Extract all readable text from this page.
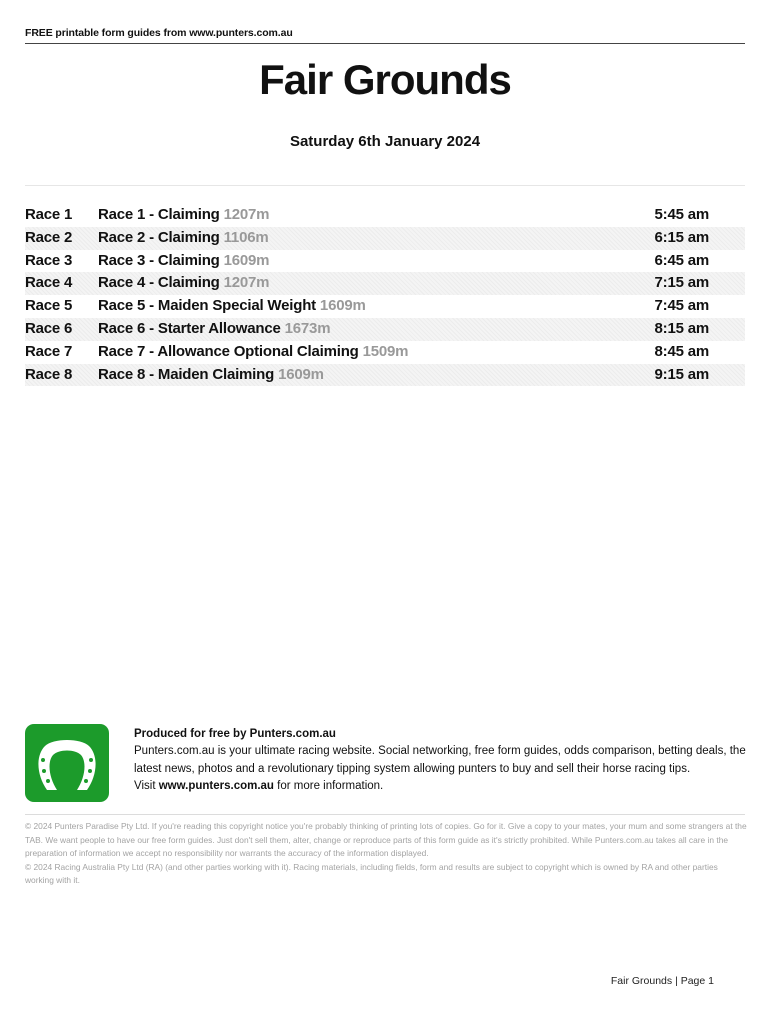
FREE printable form guides from www.punters.com.au
Fair Grounds
Saturday 6th January 2024
Race 1 Race 1 - Claiming 1207m	5:45 am
Race 2 Race 2 - Claiming 1106m	6:15 am
Race 3 Race 3 - Claiming 1609m	6:45 am
Race 4 Race 4 - Claiming 1207m	7:15 am
Race 5 Race 5 - Maiden Special Weight 1609m	7:45 am
Race 6 Race 6 - Starter Allowance 1673m	8:15 am
Race 7 Race 7 - Allowance Optional Claiming 1509m	8:45 am
Race 8 Race 8 - Maiden Claiming 1609m	9:15 am
Produced for free by Punters.com.au
Punters.com.au is your ultimate racing website. Social networking, free form guides, odds comparison, betting deals, the latest news, photos and a revolutionary tipping system allowing punters to buy and sell their horse racing tips.
Visit www.punters.com.au for more information.
© 2024 Punters Paradise Pty Ltd. If you're reading this copyright notice you're probably thinking of printing lots of copies. Go for it. Give a copy to your mates, your mum and some strangers at the TAB. We want people to have our free form guides. Just don't sell them, alter, change or reproduce parts of this form guide as it's strictly prohibited. While Punters.com.au takes all care in the preparation of information we accept no responsibility nor warrants the accuracy of the information displayed.
© 2024 Racing Australia Pty Ltd (RA) (and other parties working with it). Racing materials, including fields, form and results are subject to copyright which is owned by RA and other parties working with it.
Fair Grounds | Page 1
